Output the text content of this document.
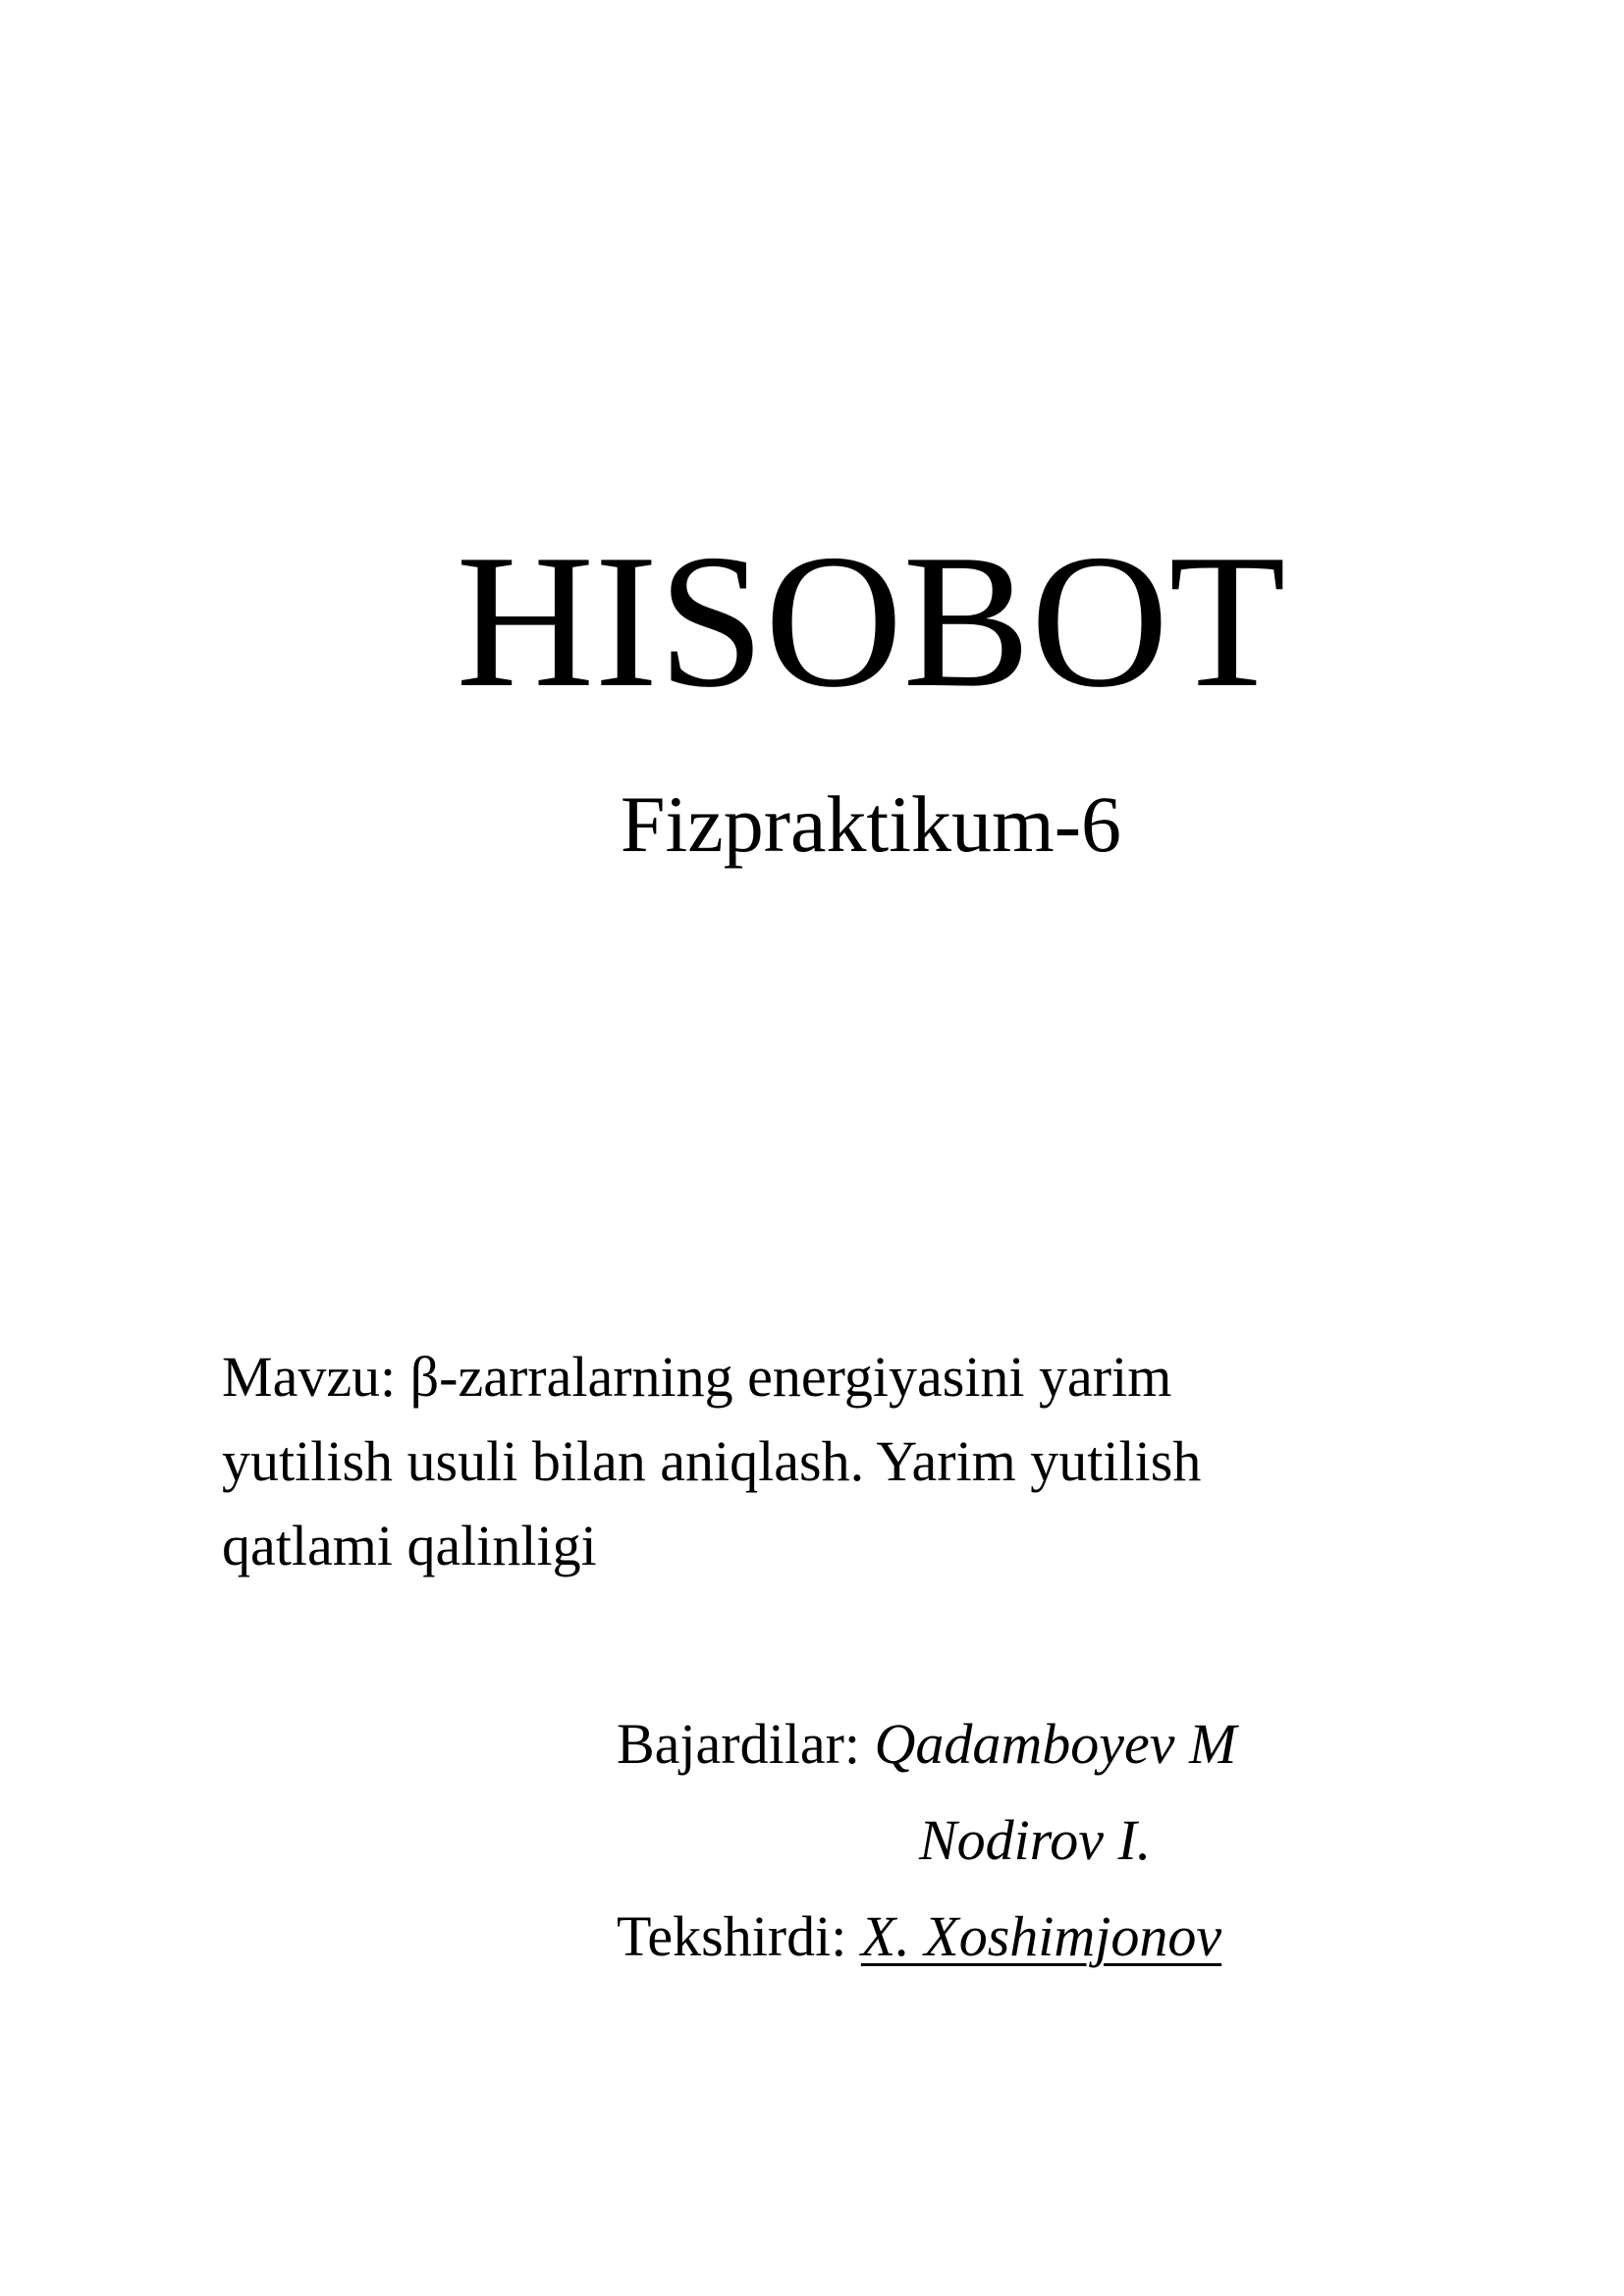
HISOBOT
Fizpraktikum-6

Mavzu: β-zarralarning energiyasini yarim

yutilish usuli bilan aniqlash. Yarim yutilish

qatlami qalinligi

Bajardilar: Qadamboyev M
Nodirov I.
Tekshirdi: X. Xoshimjonov
